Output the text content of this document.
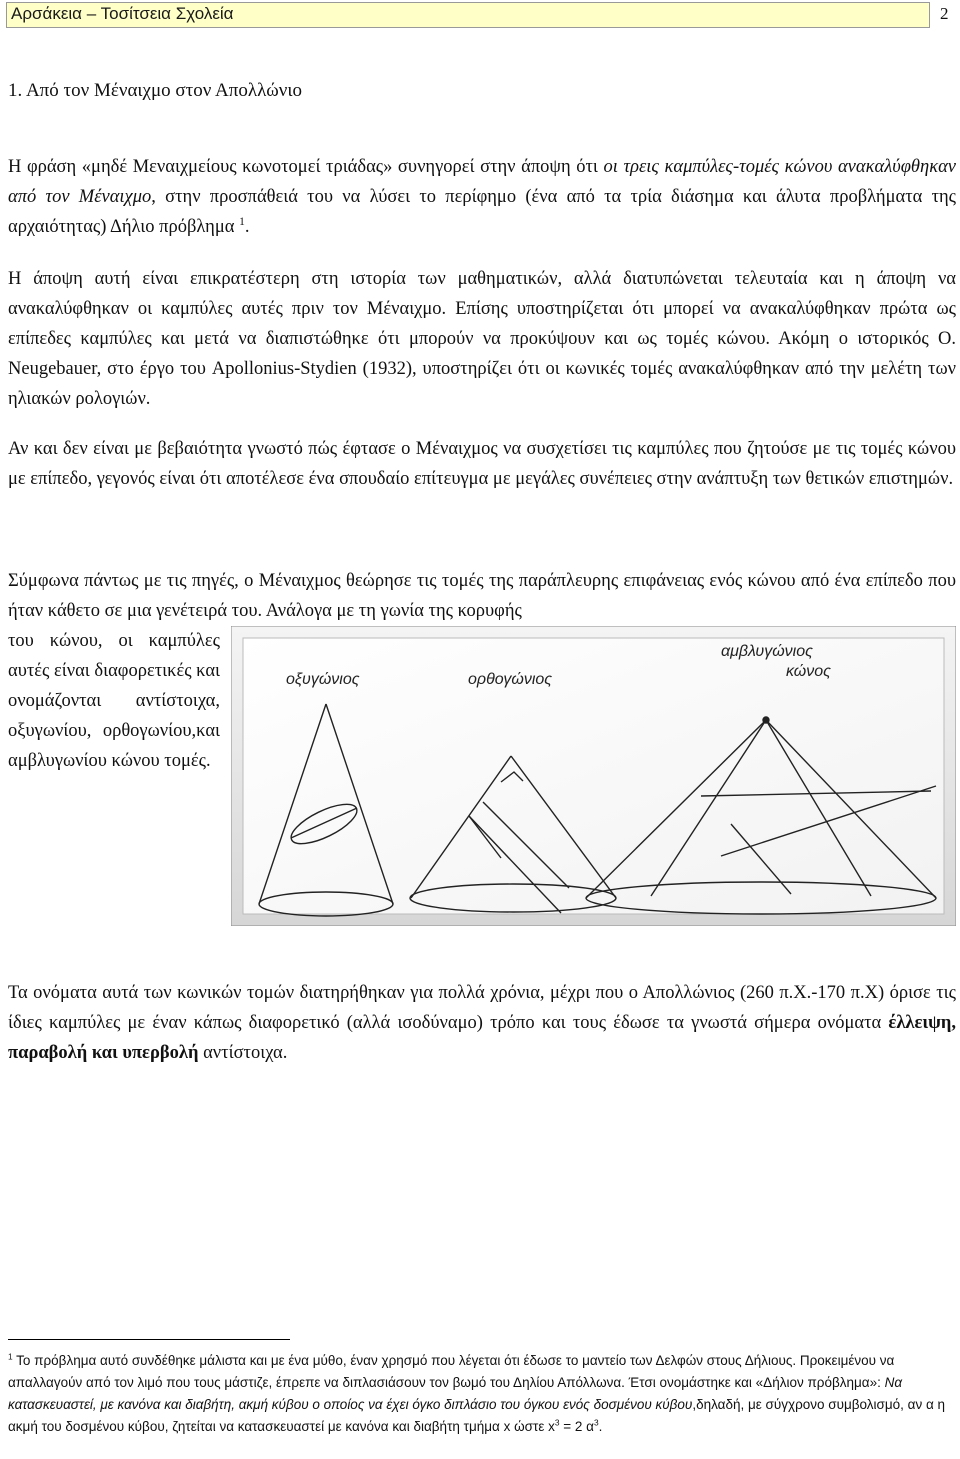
Αρσάκεια – Τοσίτσεια Σχολεία	2
1. Από τον Μέναιχμο στον Απολλώνιο

Η φράση «μηδέ Μεναιχμείους κωνοτομεί τριάδας» συνηγορεί στην άποψη ότι οι τρεις καμπύλες-τομές κώνου ανακαλύφθηκαν από τον Μέναιχμο, στην προσπάθειά του να λύσει το περίφημο (ένα από τα τρία διάσημα και άλυτα προβλήματα της αρχαιότητας) Δήλιο πρόβλημα $^1$.

Η άποψη αυτή είναι επικρατέστερη στη ιστορία των μαθηματικών, αλλά διατυπώνεται τελευταία και η άποψη να ανακαλύφθηκαν οι καμπύλες αυτές πριν τον Μέναιχμο. Επίσης υποστηρίζεται ότι μπορεί να ανακαλύφθηκαν πρώτα ως επίπεδες καμπύλες και μετά να διαπιστώθηκε ότι μπορούν να προκύψουν και ως τομές κώνου. Ακόμη ο ιστορικός O. Neugebauer, στο έργο του Apollonius-Stydien (1932), υποστηρίζει ότι οι κωνικές τομές ανακαλύφθηκαν από την μελέτη των ηλιακών ρολογιών.

Αν και δεν είναι με βεβαιότητα γνωστό πώς έφτασε ο Μέναιχμος να συσχετίσει τις καμπύλες που ζητούσε με τις τομές κώνου με επίπεδο, γεγονός είναι ότι αποτέλεσε ένα σπουδαίο επίτευγμα με μεγάλες συνέπειες στην ανάπτυξη των θετικών επιστημών.

Σύμφωνα πάντως με τις πηγές, ο Μέναιχμος θεώρησε τις τομές της παράπλευρης επιφάνειας ενός κώνου από ένα επίπεδο που ήταν κάθετο σε μια γενέτειρά του. Ανάλογα με τη γωνία της κορυφής

του κώνου, οι καμπύλες αυτές είναι διαφορετικές και ονομάζονται αντίστοιχα, οξυγωνίου, ορθογωνίου,και αμβλυγωνίου κώνου τομές.

οξυγώνιος	ορθογώνιος
αμβλυγώνιος
κώνος

Τα ονόματα αυτά των κωνικών τομών διατηρήθηκαν για πολλά χρόνια, μέχρι που ο Απολλώνιος (260 π.Χ.-170 π.Χ) όρισε τις ίδιες καμπύλες με έναν κάπως διαφορετικό (αλλά ισοδύναμο) τρόπο και τους έδωσε τα γνωστά σήμερα ονόματα έλλειψη, παραβολή και υπερβολή αντίστοιχα.

$^1$ Το πρόβλημα αυτό συνδέθηκε μάλιστα και με ένα μύθο, έναν χρησμό που λέγεται ότι έδωσε το μαντείο των Δελφών στους Δήλιους. Προκειμένου να απαλλαγούν από τον λιμό που τους μάστιζε, έπρεπε να διπλασιάσουν τον βωμό του Δηλίου Απόλλωνα. Έτσι ονομάστηκε και «Δήλιον πρόβλημα»: Να κατασκευαστεί, με κανόνα και διαβήτη, ακμή κύβου ο οποίος να έχει όγκο διπλάσιο του όγκου ενός δοσμένου κύβου,δηλαδή, με σύγχρονο συμβολισμό, αν α η ακμή του δοσμένου κύβου, ζητείται να κατασκευαστεί με κανόνα και διαβήτη τμήμα x ώστε $x^3 = 2$ $\alpha^3$.
